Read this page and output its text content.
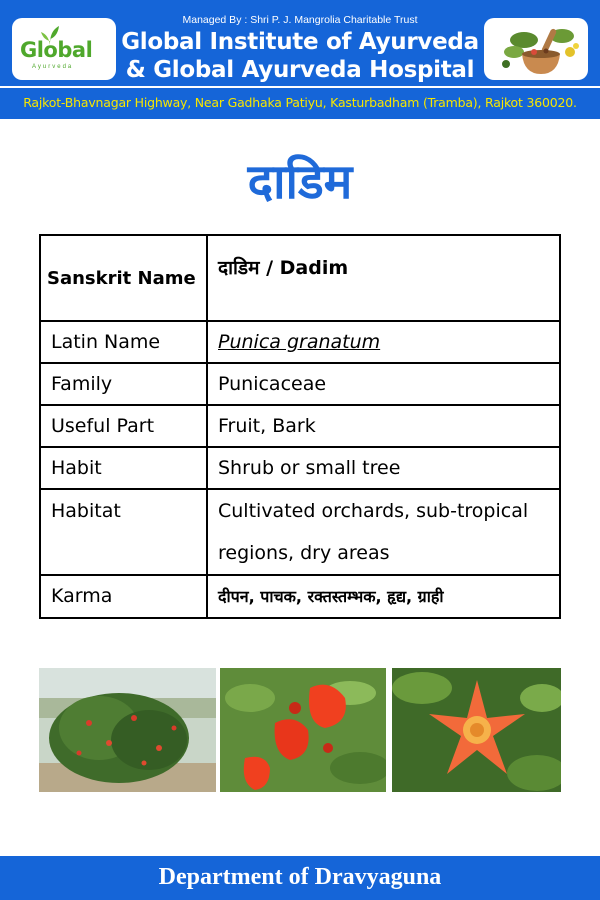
Global
Ayurveda
Managed By : Shri P. J. Mangrolia Charitable Trust
Global Institute of Ayurveda
& Global Ayurveda Hospital
Rajkot-Bhavnagar Highway, Near Gadhaka Patiyu, Kasturbadham (Tramba), Rajkot 360020.
दाडिम
Sanskrit Name	दाडिम / Dadim
Latin Name	Punica granatum
Family	Punicaceae
Useful Part	Fruit, Bark
Habit	Shrub or small tree
Habitat	Cultivated orchards, sub-tropical regions, dry areas
Karma	दीपन, पाचक, रक्तस्तम्भक, हृद्य, ग्राही
Department of Dravyaguna
